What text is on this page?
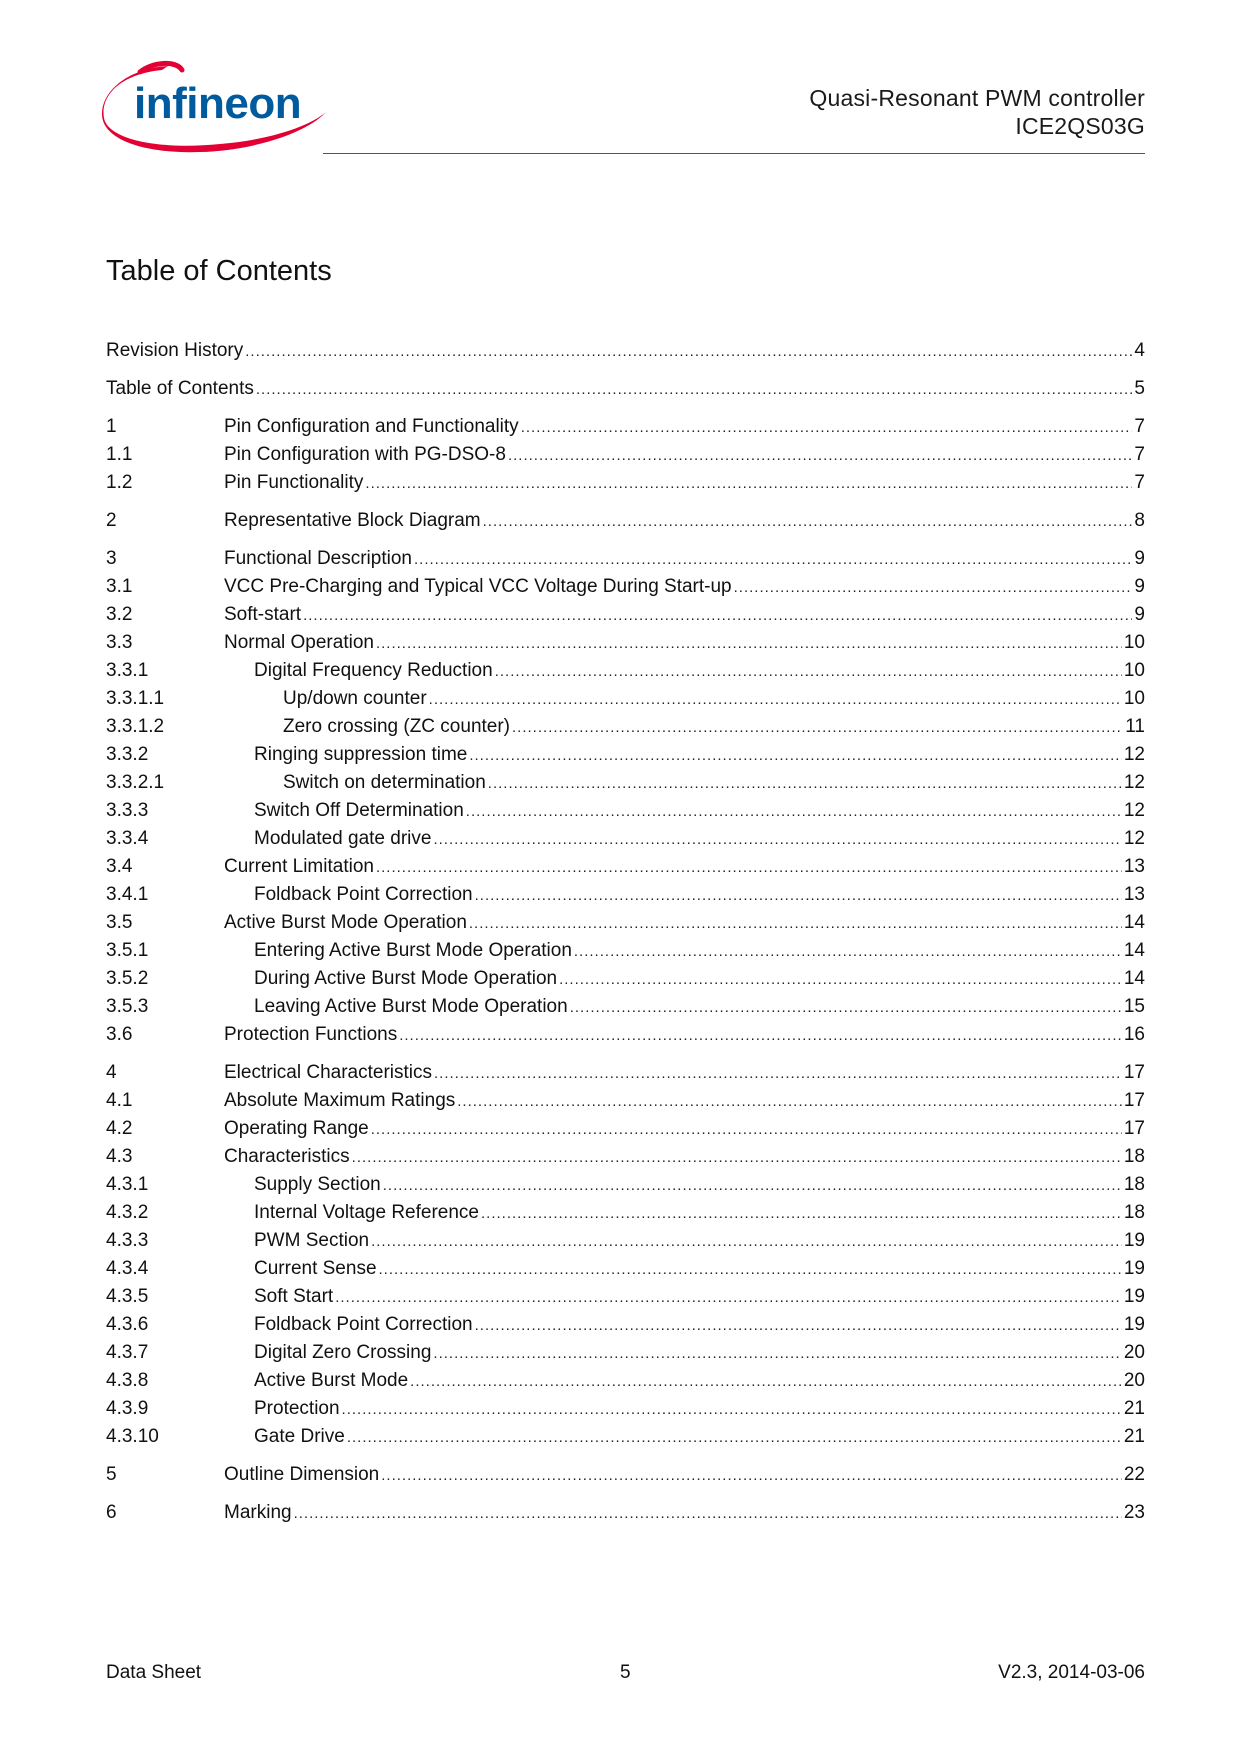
infineon	Quasi-Resonant PWM controller
ICE2QS03G
Table of Contents
Revision History .....	4
Table of Contents .....	5
1	Pin Configuration and Functionality .....	7
1.1	Pin Configuration with PG-DSO-8 .....	7
1.2	Pin Functionality .....	7
2	Representative Block Diagram .....	8
3	Functional Description .....	9
3.1	VCC Pre-Charging and Typical VCC Voltage During Start-up .....	9
3.2	Soft-start .....	9
3.3	Normal Operation .....	10
3.3.1	Digital Frequency Reduction .....	10
3.3.1.1	Up/down counter .....	10
3.3.1.2	Zero crossing (ZC counter) .....	11
3.3.2	Ringing suppression time .....	12
3.3.2.1	Switch on determination .....	12
3.3.3	Switch Off Determination .....	12
3.3.4	Modulated gate drive .....	12
3.4	Current Limitation .....	13
3.4.1	Foldback Point Correction .....	13
3.5	Active Burst Mode Operation .....	14
3.5.1	Entering Active Burst Mode Operation .....	14
3.5.2	During Active Burst Mode Operation .....	14
3.5.3	Leaving Active Burst Mode Operation .....	15
3.6	Protection Functions .....	16
4	Electrical Characteristics .....	17
4.1	Absolute Maximum Ratings .....	17
4.2	Operating Range .....	17
4.3	Characteristics .....	18
4.3.1	Supply Section .....	18
4.3.2	Internal Voltage Reference .....	18
4.3.3	PWM Section .....	19
4.3.4	Current Sense .....	19
4.3.5	Soft Start .....	19
4.3.6	Foldback Point Correction .....	19
4.3.7	Digital Zero Crossing .....	20
4.3.8	Active Burst Mode .....	20
4.3.9	Protection .....	21
4.3.10	Gate Drive .....	21
5	Outline Dimension .....	22
6	Marking .....	23
Data Sheet	5	V2.3, 2014-03-06
